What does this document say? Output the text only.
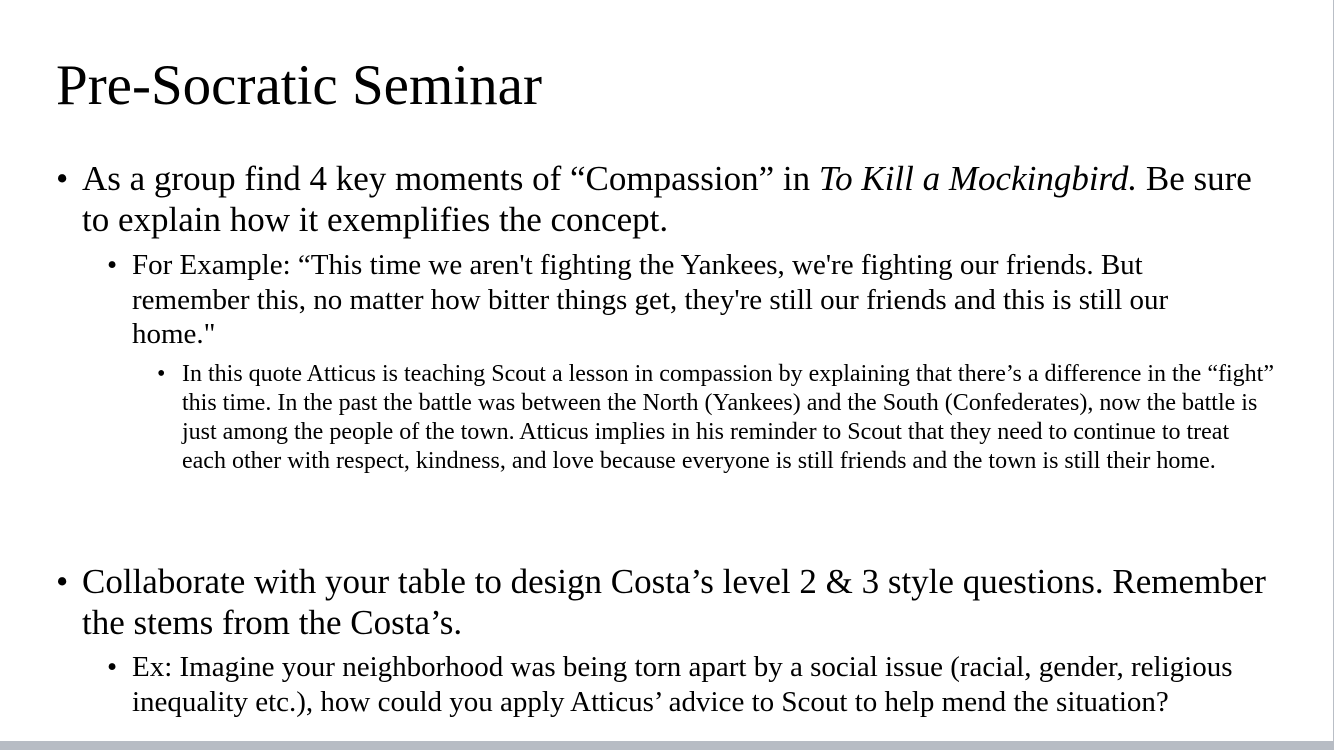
Pre-Socratic Seminar
• As a group find 4 key moments of “Compassion” in To Kill a Mockingbird. Be sure to explain how it exemplifies the concept.
• For Example: “This time we aren't fighting the Yankees, we're fighting our friends. But remember this, no matter how bitter things get, they're still our friends and this is still our home."
• In this quote Atticus is teaching Scout a lesson in compassion by explaining that there’s a difference in the “fight” this time. In the past the battle was between the North (Yankees) and the South (Confederates), now the battle is just among the people of the town. Atticus implies in his reminder to Scout that they need to continue to treat each other with respect, kindness, and love because everyone is still friends and the town is still their home.
• Collaborate with your table to design Costa’s level 2 & 3 style questions. Remember the stems from the Costa’s.
• Ex: Imagine your neighborhood was being torn apart by a social issue (racial, gender, religious inequality etc.), how could you apply Atticus’ advice to Scout to help mend the situation?
